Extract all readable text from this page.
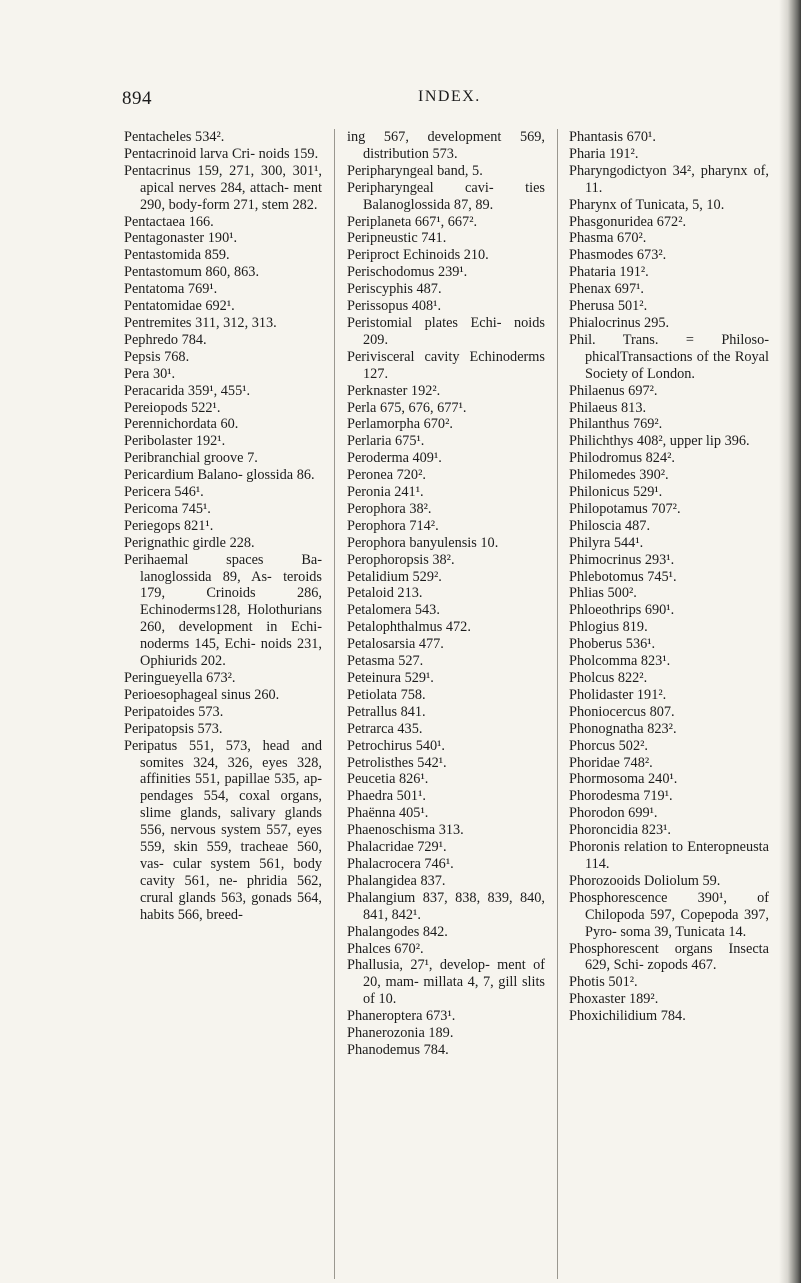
894	INDEX.
Pentacheles 534².
Pentacrinoid larva Cri- noids 159.
Pentacrinus 159, 271, 300, 301¹, apical nerves 284, attach- ment 290, body-form 271, stem 282.
Pentactaea 166.
Pentagonaster 190¹.
Pentastomida 859.
Pentastomum 860, 863.
Pentatoma 769¹.
Pentatomidae 692¹.
Pentremites 311, 312, 313.
Pephredo 784.
Pepsis 768.
Pera 30¹.
Peracarida 359¹, 455¹.
Pereiopods 522¹.
Perennichordata 60.
Peribolaster 192¹.
Peribranchial groove 7.
Pericardium Balano- glossida 86.
Pericera 546¹.
Pericoma 745¹.
Periegops 821¹.
Perignathic girdle 228.
Perihaemal spaces Ba- lanoglossida 89, As- teroids 179, Crinoids 286, Echinoderms128, Holothurians 260, development in Echi- noderms 145, Echi- noids 231, Ophiurids 202.
Peringueyella 673².
Perioesophageal sinus 260.
Peripatoides 573.
Peripatopsis 573.
Peripatus 551, 573, head and somites 324, 326, eyes 328, affinities 551, papillae 535, ap- pendages 554, coxal organs, slime glands, salivary glands 556, nervous system 557, eyes 559, skin 559, tracheae 560, vas- cular system 561, body cavity 561, ne- phridia 562, crural glands 563, gonads 564, habits 566, breed-
ing 567, development 569, distribution 573.
Peripharyngeal band, 5.
Peripharyngeal cavi- ties Balanoglossida 87, 89.
Periplaneta 667¹, 667².
Peripneustic 741.
Periproct Echinoids 210.
Perischodomus 239¹.
Periscyphis 487.
Perissopus 408¹.
Peristomial plates Echi- noids 209.
Perivisceral cavity Echinoderms 127.
Perknaster 192².
Perla 675, 676, 677¹.
Perlamorpha 670².
Perlaria 675¹.
Peroderma 409¹.
Peronea 720².
Peronia 241¹.
Perophora 38².
Perophora 714².
Perophora banyulensis 10.
Perophoropsis 38².
Petalidium 529².
Petaloid 213.
Petalomera 543.
Petalophthalmus 472.
Petalosarsia 477.
Petasma 527.
Peteinura 529¹.
Petiolata 758.
Petrallus 841.
Petrarca 435.
Petrochirus 540¹.
Petrolisthes 542¹.
Peucetia 826¹.
Phaedra 501¹.
Phaënna 405¹.
Phaenoschisma 313.
Phalacridae 729¹.
Phalacrocera 746¹.
Phalangidea 837.
Phalangium 837, 838, 839, 840, 841, 842¹.
Phalangodes 842.
Phalces 670².
Phallusia, 27¹, develop- ment of 20, mam- millata 4, 7, gill slits of 10.
Phaneroptera 673¹.
Phanerozonia 189.
Phanodemus 784.
Phantasis 670¹.
Pharia 191².
Pharyngodictyon 34², pharynx of, 11.
Pharynx of Tunicata, 5, 10.
Phasgonuridea 672².
Phasma 670².
Phasmodes 673².
Phataria 191².
Phenax 697¹.
Pherusa 501².
Phialocrinus 295.
Phil. Trans. = Philoso- phicalTransactions of the Royal Society of London.
Philaenus 697².
Philaeus 813.
Philanthus 769².
Philichthys 408², upper lip 396.
Philodromus 824².
Philomedes 390².
Philonicus 529¹.
Philopotamus 707².
Philoscia 487.
Philyra 544¹.
Phimocrinus 293¹.
Phlebotomus 745¹.
Phlias 500².
Phloeothrips 690¹.
Phlogius 819.
Phoberus 536¹.
Pholcomma 823¹.
Pholcus 822².
Pholidaster 191².
Phoniocercus 807.
Phonognatha 823².
Phorcus 502².
Phoridae 748².
Phormosoma 240¹.
Phorodesma 719¹.
Phorodon 699¹.
Phoroncidia 823¹.
Phoronis relation to Enteropneusta 114.
Phorozooids Doliolum 59.
Phosphorescence 390¹, of Chilopoda 597, Copepoda 397, Pyro- soma 39, Tunicata 14.
Phosphorescent organs Insecta 629, Schi- zopods 467.
Photis 501².
Phoxaster 189².
Phoxichilidium 784.
